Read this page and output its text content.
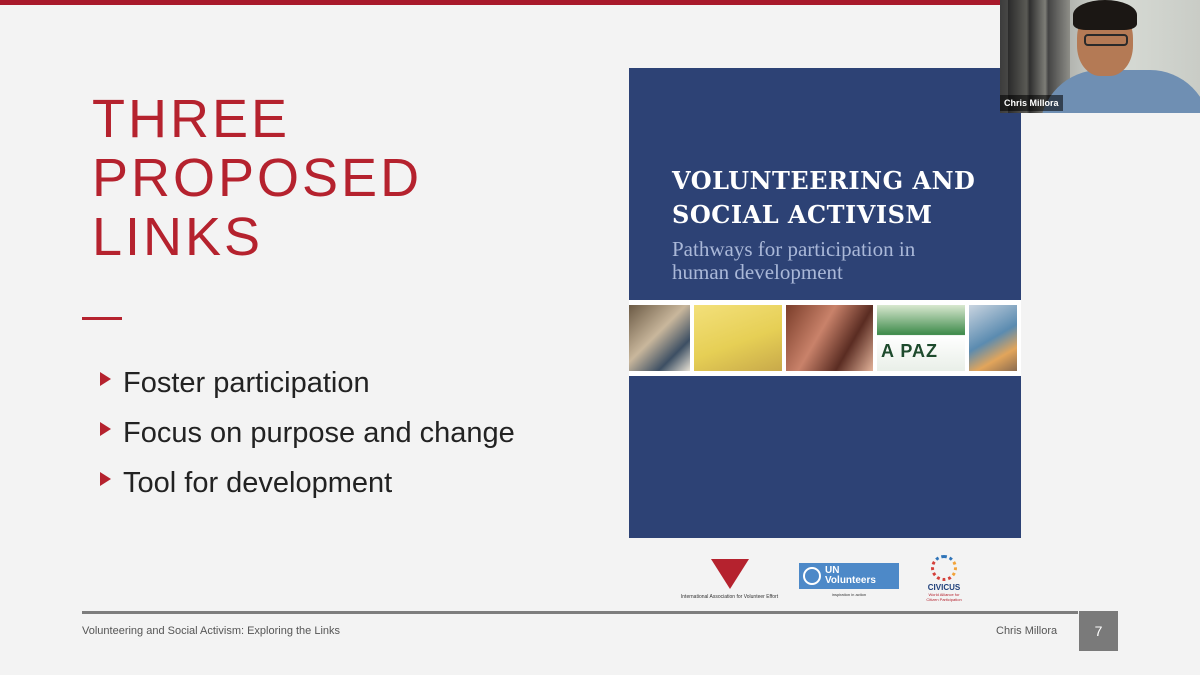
THREE
PROPOSED
LINKS
Foster participation
Focus on purpose and change
Tool for development
VOLUNTEERING AND
SOCIAL ACTIVISM
Pathways for participation in
human development
A PAZ
International Association for Volunteer Effort
UN
Volunteers
inspiration in action
CIVICUS
World Alliance for
Citizen Participation
Volunteering and Social Activism: Exploring the Links	Chris Millora	7
Chris Millora
